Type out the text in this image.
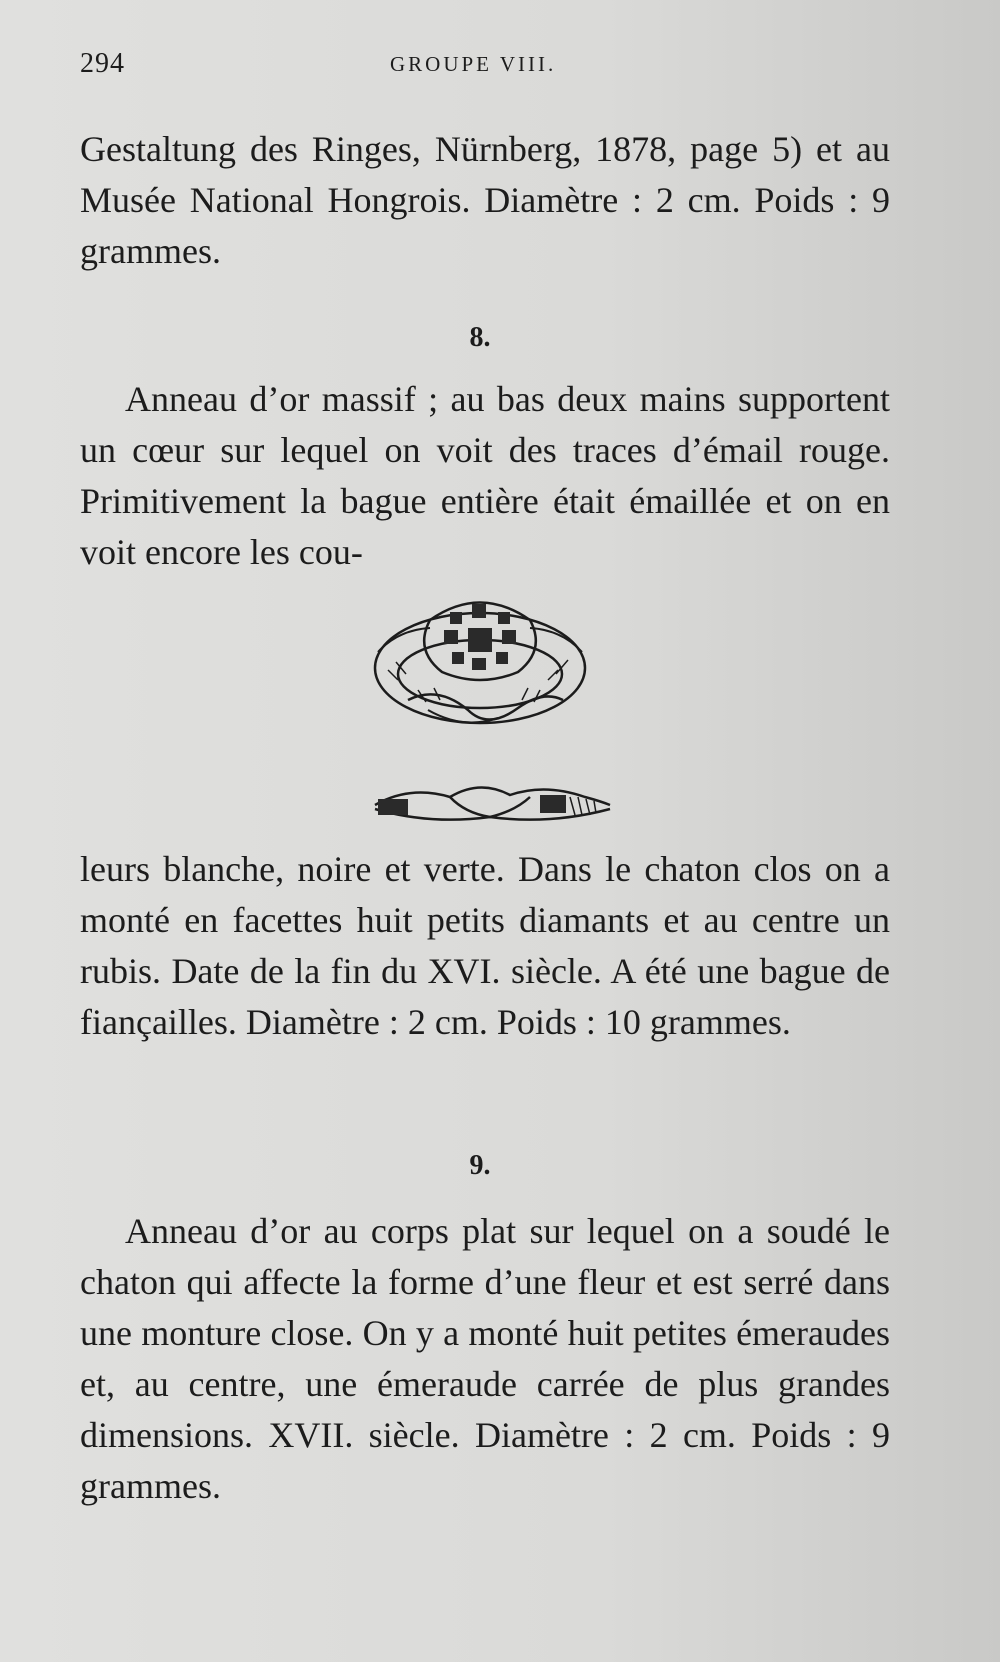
294	GROUPE VIII.

Gestaltung des Ringes, Nürnberg, 1878, page 5) et au Musée National Hongrois. Diamètre : 2 cm. Poids : 9 grammes.

8.

Anneau d’or massif ; au bas deux mains supportent un cœur sur lequel on voit des traces d’émail rouge. Primitivement la bague entière était émaillée et on en voit encore les cou-

leurs blanche, noire et verte. Dans le chaton clos on a monté en facettes huit petits diamants et au centre un rubis. Date de la fin du XVI. siècle. A été une bague de fiançailles. Diamètre : 2 cm. Poids : 10 grammes.

9.

Anneau d’or au corps plat sur lequel on a soudé le chaton qui affecte la forme d’une fleur et est serré dans une monture close. On y a monté huit petites émeraudes et, au centre, une émeraude carrée de plus grandes dimensions. XVII. siècle. Diamètre : 2 cm. Poids : 9 grammes.
